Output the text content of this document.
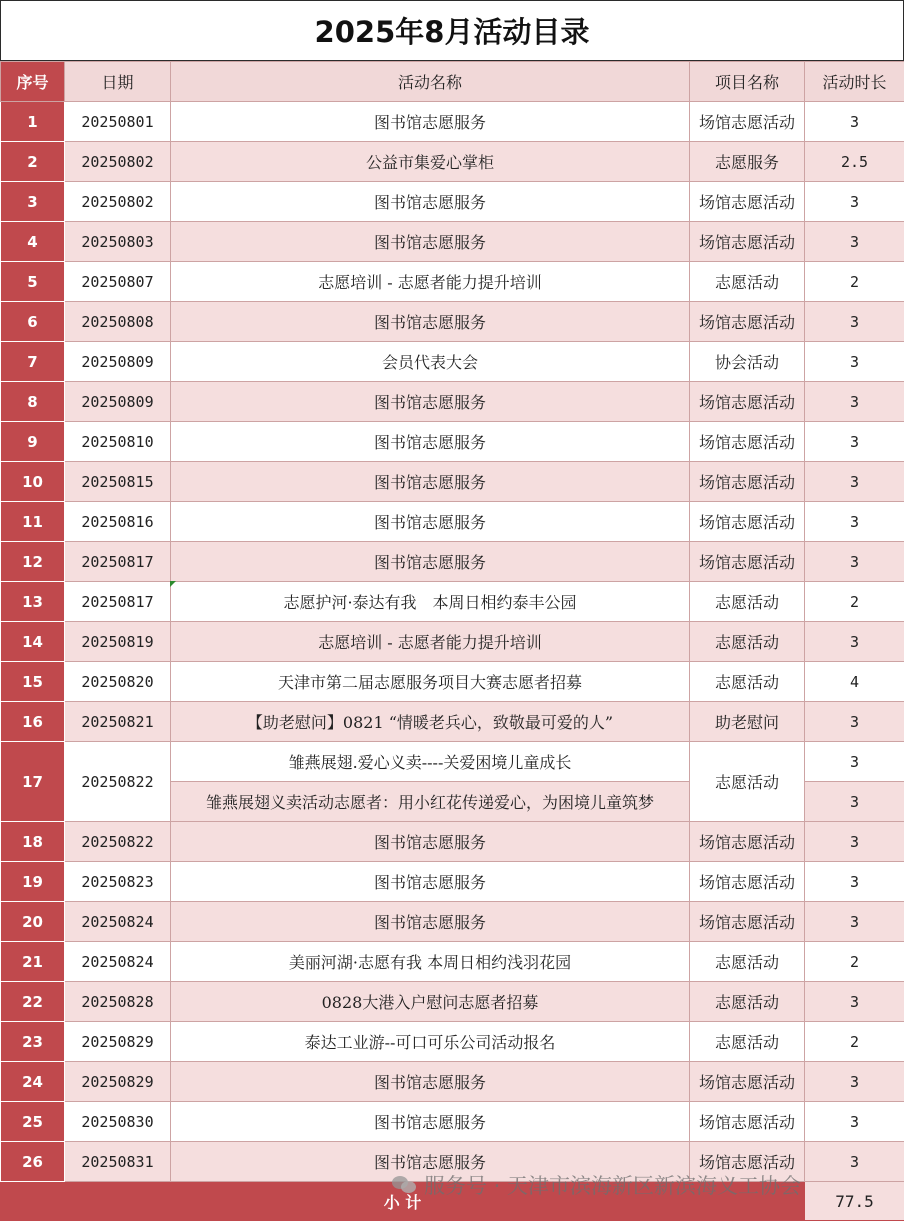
2025年8月活动目录
序号	日期	活动名称	项目名称	活动时长
1	20250801	图书馆志愿服务	场馆志愿活动	3
2	20250802	公益市集爱心掌柜	志愿服务	2.5
3	20250802	图书馆志愿服务	场馆志愿活动	3
4	20250803	图书馆志愿服务	场馆志愿活动	3
5	20250807	志愿培训 - 志愿者能力提升培训	志愿活动	2
6	20250808	图书馆志愿服务	场馆志愿活动	3
7	20250809	会员代表大会	协会活动	3
8	20250809	图书馆志愿服务	场馆志愿活动	3
9	20250810	图书馆志愿服务	场馆志愿活动	3
10	20250815	图书馆志愿服务	场馆志愿活动	3
11	20250816	图书馆志愿服务	场馆志愿活动	3
12	20250817	图书馆志愿服务	场馆志愿活动	3
13	20250817	志愿护河·泰达有我　本周日相约泰丰公园	志愿活动	2
14	20250819	志愿培训 - 志愿者能力提升培训	志愿活动	3
15	20250820	天津市第二届志愿服务项目大赛志愿者招募	志愿活动	4
16	20250821	【助老慰问】0821 “情暖老兵心，致敬最可爱的人”	助老慰问	3
17	20250822	雏燕展翅.爱心义卖----关爱困境儿童成长	志愿活动	3
		雏燕展翅义卖活动志愿者：用小红花传递爱心，为困境儿童筑梦		3
18	20250822	图书馆志愿服务	场馆志愿活动	3
19	20250823	图书馆志愿服务	场馆志愿活动	3
20	20250824	图书馆志愿服务	场馆志愿活动	3
21	20250824	美丽河湖·志愿有我 本周日相约浅羽花园	志愿活动	2
22	20250828	0828大港入户慰问志愿者招募	志愿活动	3
23	20250829	泰达工业游--可口可乐公司活动报名	志愿活动	2
24	20250829	图书馆志愿服务	场馆志愿活动	3
25	20250830	图书馆志愿服务	场馆志愿活动	3
26	20250831	图书馆志愿服务	场馆志愿活动	3
小 计				77.5
服务号 · 天津市滨海新区新滨海义工协会
